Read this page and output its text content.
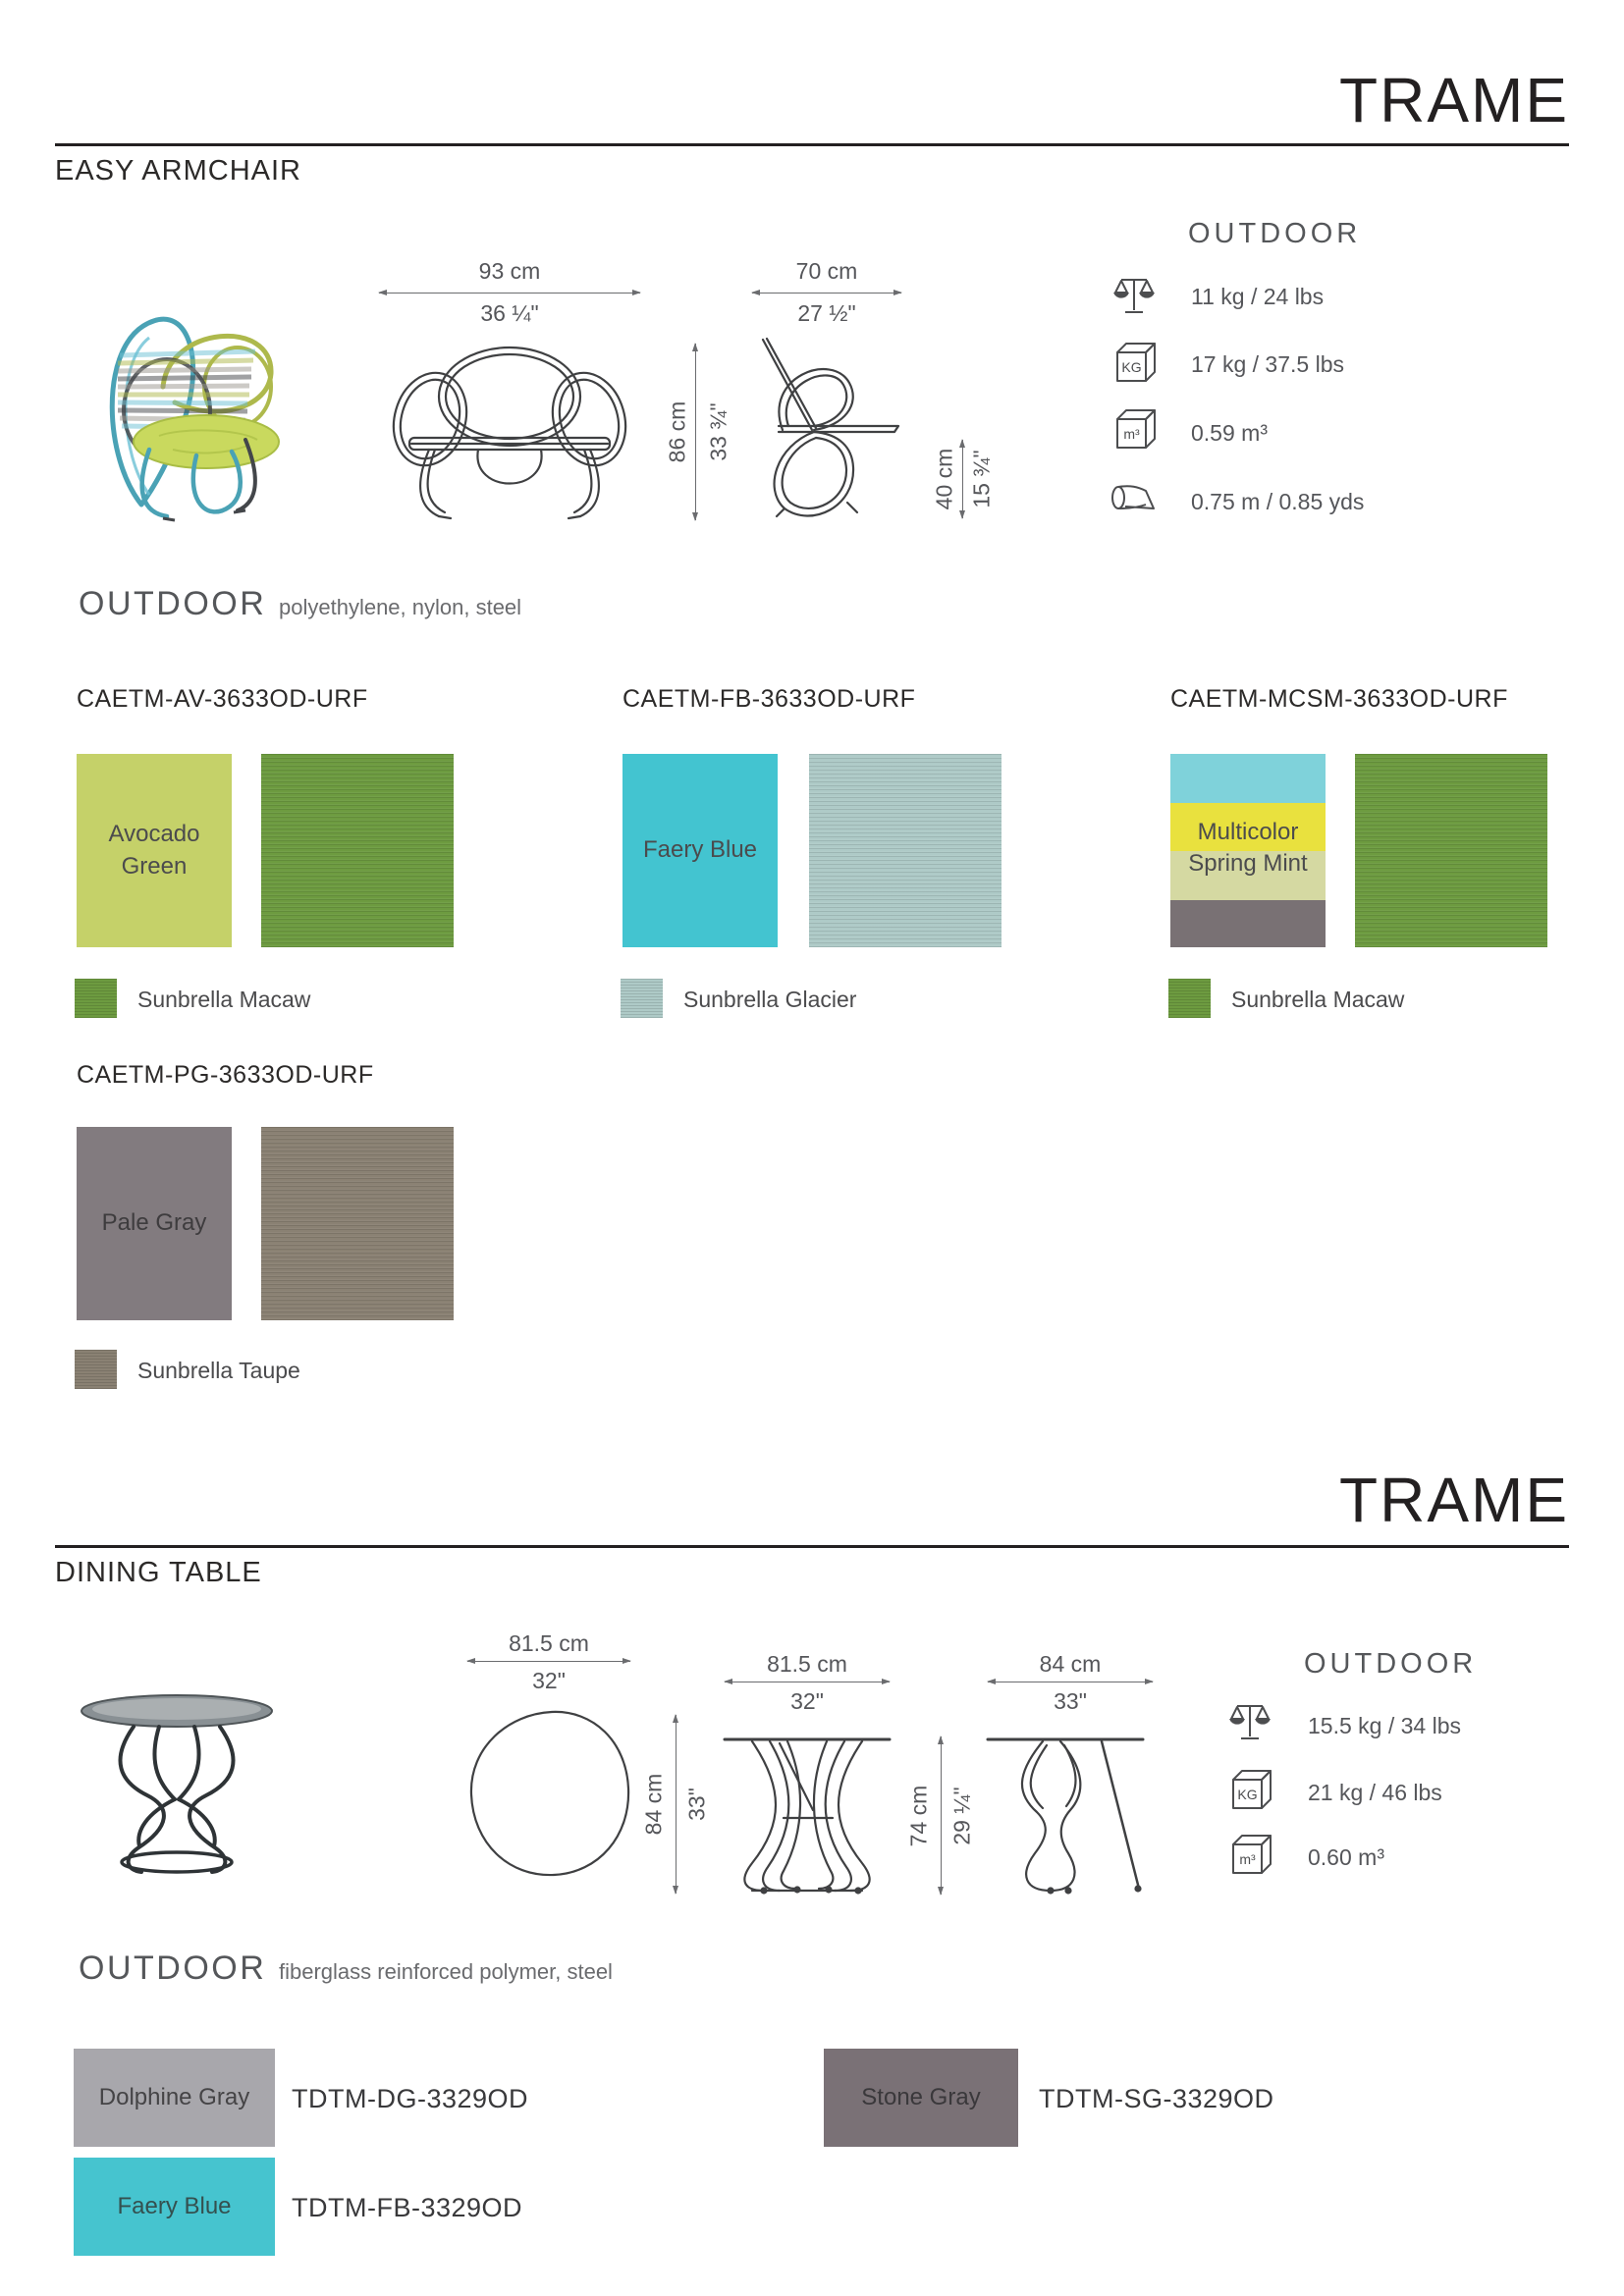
TRAME
EASY ARMCHAIR
93 cm
36 ¼"
86 cm 33 ¾"
70 cm
27 ½"
40 cm 15 ¾"
OUTDOOR
11 kg / 24 lbs
KG 17 kg / 37.5 lbs
m³ 0.59 m³
0.75 m / 0.85 yds
OUTDOOR polyethylene, nylon, steel
CAETM-AV-3633OD-URF
Avocado Green
Sunbrella Macaw
CAETM-FB-3633OD-URF
Faery Blue
Sunbrella Glacier
CAETM-MCSM-3633OD-URF
Multicolor
Spring Mint
Sunbrella Macaw
CAETM-PG-3633OD-URF
Pale Gray
Sunbrella Taupe
TRAME
DINING TABLE
81.5 cm
32"
84 cm 33"
81.5 cm
32"
74 cm 29 ¼"
84 cm
33"
OUTDOOR
15.5 kg / 34 lbs
KG 21 kg / 46 lbs
m³ 0.60 m³
OUTDOOR fiberglass reinforced polymer, steel
Dolphine Gray TDTM-DG-3329OD	Stone Gray TDTM-SG-3329OD
Faery Blue TDTM-FB-3329OD
